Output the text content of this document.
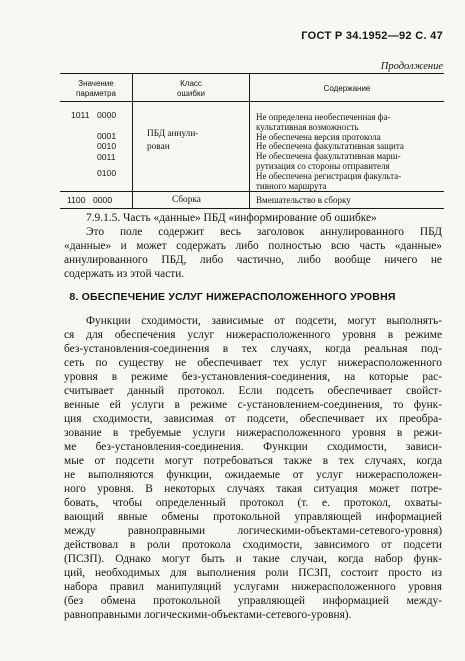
ГОСТ Р 34.1952—92 С. 47
Продолжение
Значение
параметра
Класс
ошибки
Содержание
1011 0000
0001
0010
0011
0100
ПБД аннули-
рован
Не определена необеспеченная фа-
культативная возможность
Не обеспечена версия протокола
Не обеспечена факультативная защита
Не обеспечена факультативная марш-
рутизация со стороны отправителя
Не обеспечена регистрация факульта-
тивного маршрута
1100 0000	Сборка	Вмешательство в сборку
7.9.1.5. Часть «данные» ПБД «информирование об ошибке»
Это поле содержит весь заголовок аннулированного ПБД
«данные» и может содержать либо полностью всю часть «данные»
аннулированного ПБД, либо частично, либо вообще ничего не
содержать из этой части.
8. ОБЕСПЕЧЕНИЕ УСЛУГ НИЖЕРАСПОЛОЖЕННОГО УРОВНЯ
Функции сходимости, зависимые от подсети, могут выполнять-
ся для обеспечения услуг нижерасположенного уровня в режиме
без-установления-соединения в тех случаях, когда реальная под-
сеть по существу не обеспечивает тех услуг нижерасположенного
уровня в режиме без-установления-соединения, на которые рас-
считывает данный протокол. Если подсеть обеспечивает свойст-
венные ей услуги в режиме с-установлением-соединения, то функ-
ция сходимости, зависимая от подсети, обеспечивает их преобра-
зование в требуемые услуги нижерасположенного уровня в режи-
ме без-установления-соединения. Функции сходимости, зависи-
мые от подсети могут потребоваться также в тех случаях, когда
не выполняются функции, ожидаемые от услуг нижерасположен-
ного уровня. В некоторых случаях такая ситуация может потре-
бовать, чтобы определенный протокол (т. е. протокол, охваты-
вающий явные обмены протокольной управляющей информацией
между равноправными логическими-объектами-сетевого-уровня)
действовал в роли протокола сходимости, зависимого от подсети
(ПСЗП). Однако могут быть и такие случаи, когда набор функ-
ций, необходимых для выполнения роли ПСЗП, состоит просто из
набора правил манипуляций услугами нижерасположенного уровня
(без обмена протокольной управляющей информацией между-
равноправными логическими-объектами-сетевого-уровня).
